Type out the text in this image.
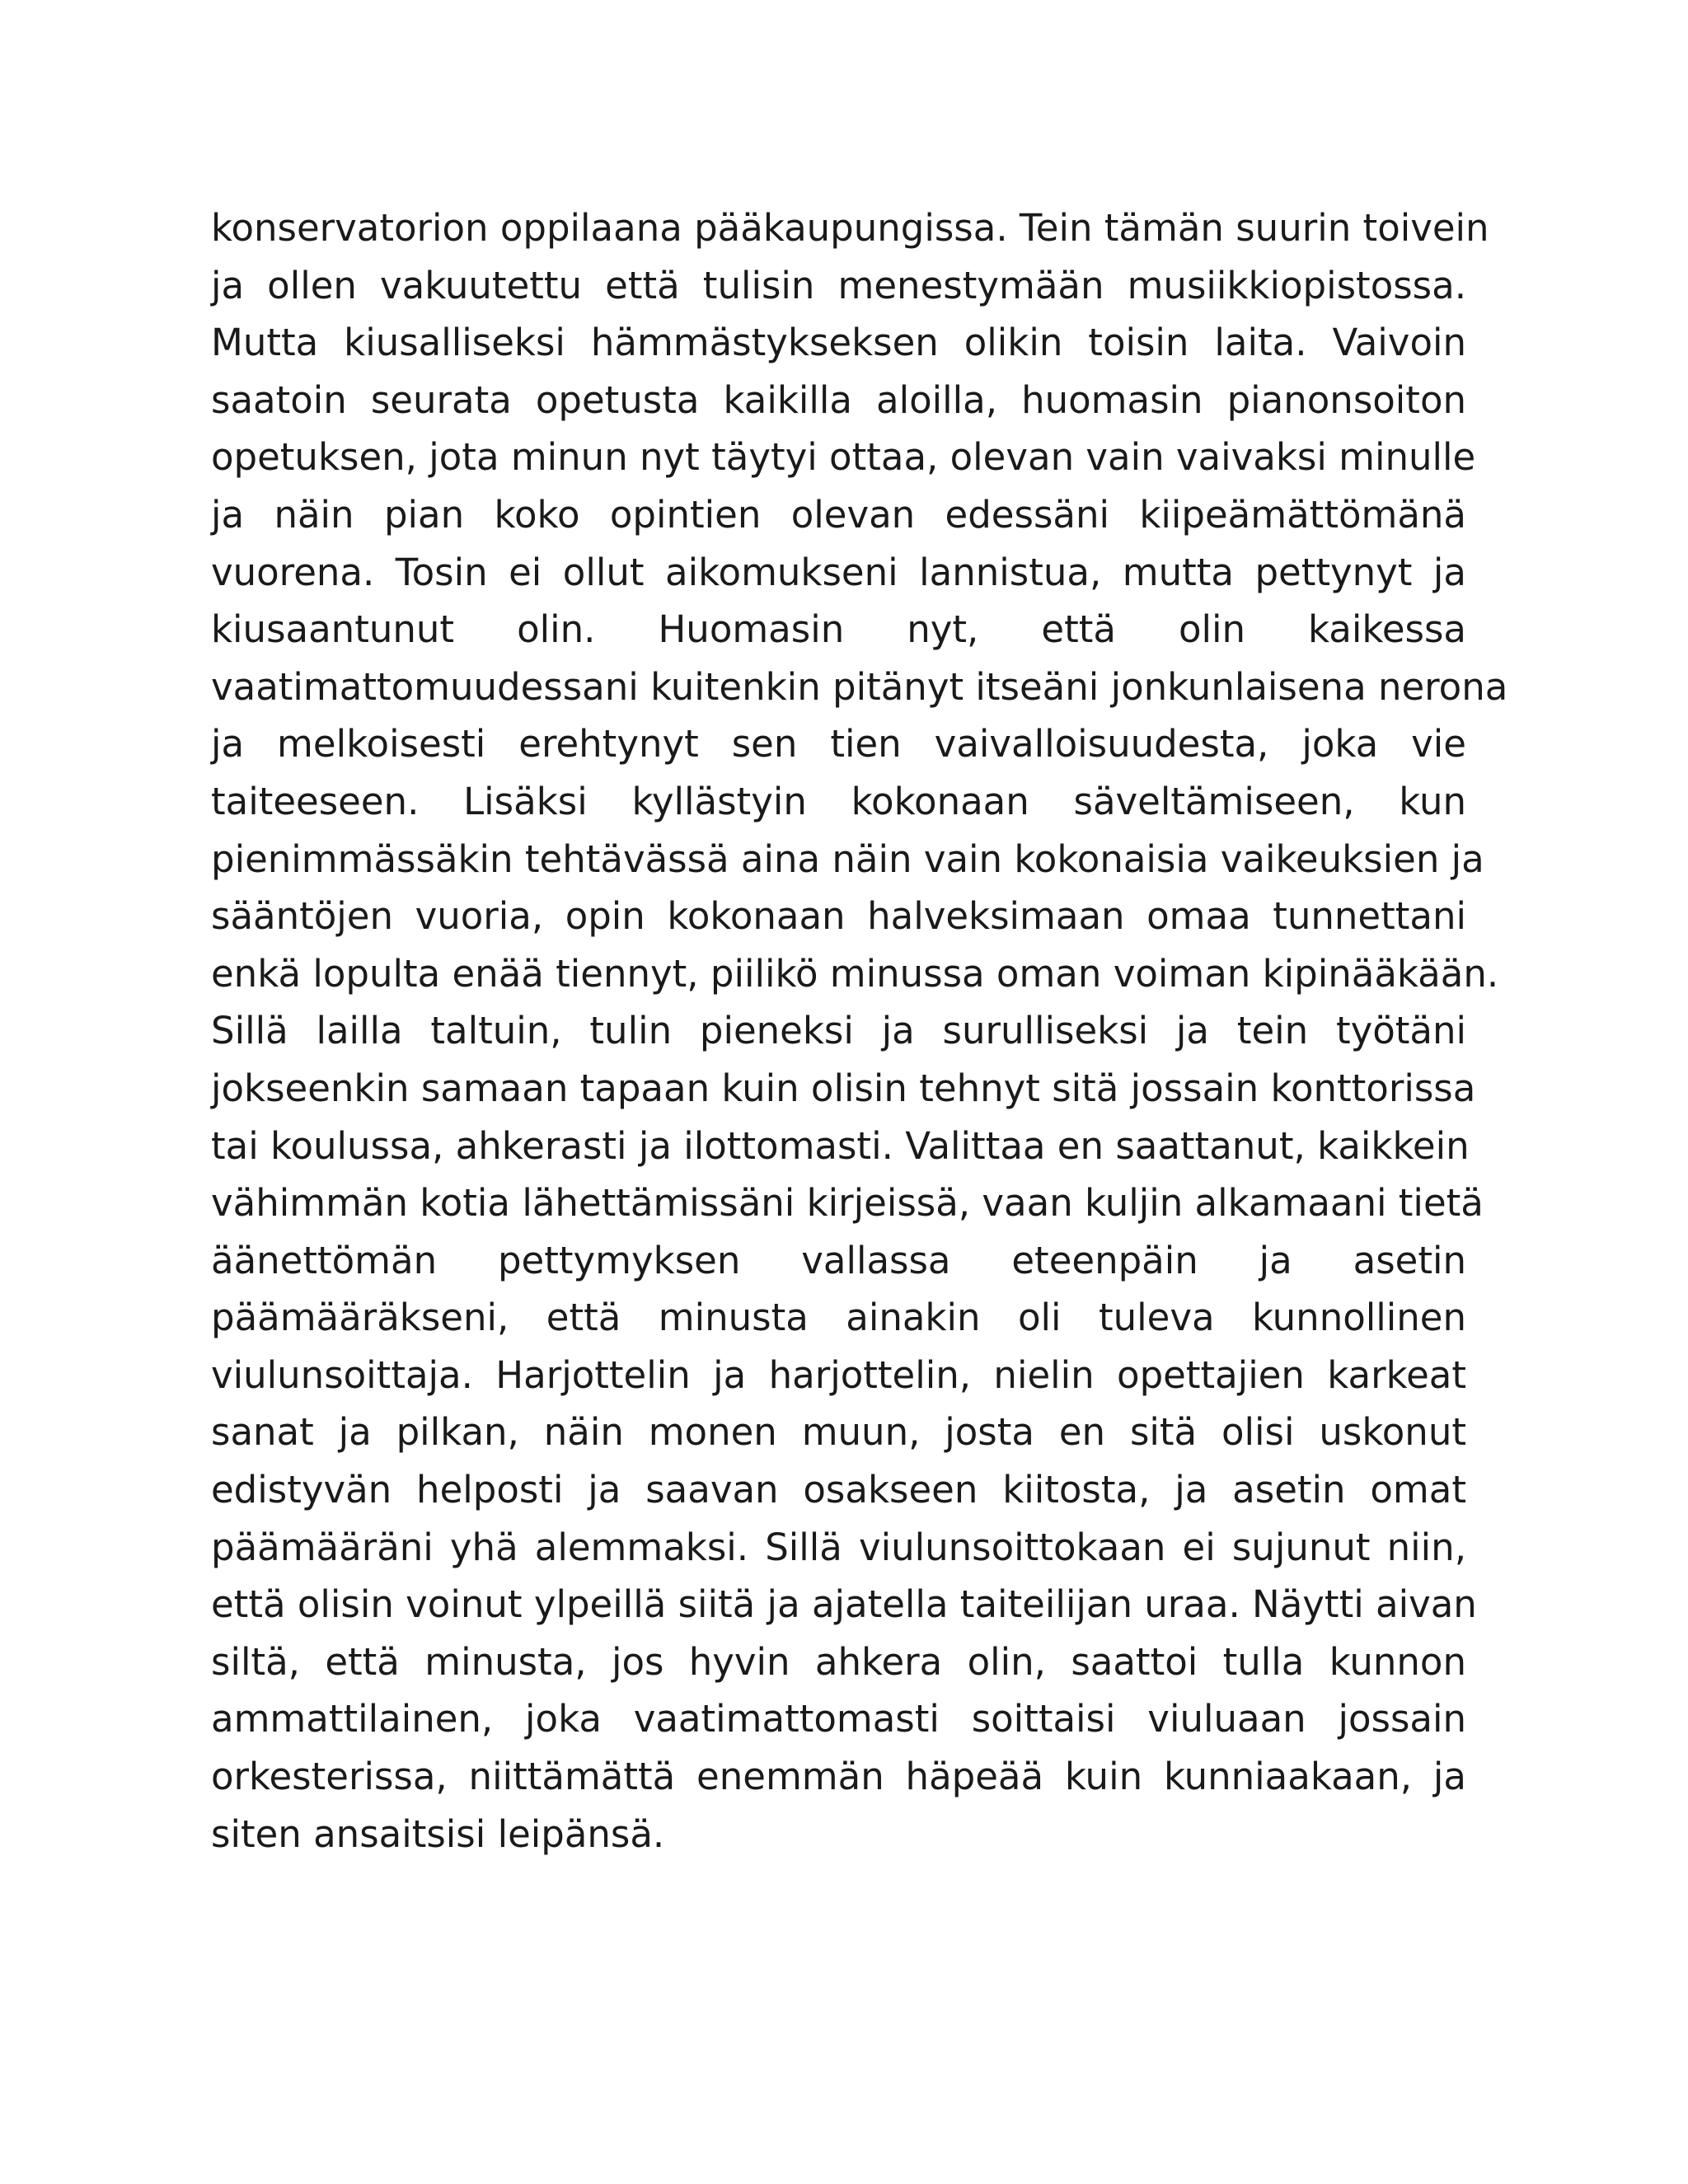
konservatorion oppilaana pääkaupungissa. Tein tämän suurin toivein
ja ollen vakuutettu että tulisin menestymään musiikkiopistossa.
Mutta kiusalliseksi hämmästykseksen olikin toisin laita. Vaivoin
saatoin seurata opetusta kaikilla aloilla, huomasin pianonsoiton
opetuksen, jota minun nyt täytyi ottaa, olevan vain vaivaksi minulle
ja näin pian koko opintien olevan edessäni kiipeämättömänä
vuorena. Tosin ei ollut aikomukseni lannistua, mutta pettynyt ja
kiusaantunut olin. Huomasin nyt, että olin kaikessa
vaatimattomuudessani kuitenkin pitänyt itseäni jonkunlaisena nerona
ja melkoisesti erehtynyt sen tien vaivalloisuudesta, joka vie
taiteeseen. Lisäksi kyllästyin kokonaan säveltämiseen, kun
pienimmässäkin tehtävässä aina näin vain kokonaisia vaikeuksien ja
sääntöjen vuoria, opin kokonaan halveksimaan omaa tunnettani
enkä lopulta enää tiennyt, piilikö minussa oman voiman kipinääkään.
Sillä lailla taltuin, tulin pieneksi ja surulliseksi ja tein työtäni
jokseenkin samaan tapaan kuin olisin tehnyt sitä jossain konttorissa
tai koulussa, ahkerasti ja ilottomasti. Valittaa en saattanut, kaikkein
vähimmän kotia lähettämissäni kirjeissä, vaan kuljin alkamaani tietä
äänettömän pettymyksen vallassa eteenpäin ja asetin
päämääräkseni, että minusta ainakin oli tuleva kunnollinen
viulunsoittaja. Harjottelin ja harjottelin, nielin opettajien karkeat
sanat ja pilkan, näin monen muun, josta en sitä olisi uskonut
edistyvän helposti ja saavan osakseen kiitosta, ja asetin omat
päämääräni yhä alemmaksi. Sillä viulunsoittokaan ei sujunut niin,
että olisin voinut ylpeillä siitä ja ajatella taiteilijan uraa. Näytti aivan
siltä, että minusta, jos hyvin ahkera olin, saattoi tulla kunnon
ammattilainen, joka vaatimattomasti soittaisi viuluaan jossain
orkesterissa, niittämättä enemmän häpeää kuin kunniaakaan, ja
siten ansaitsisi leipänsä.
